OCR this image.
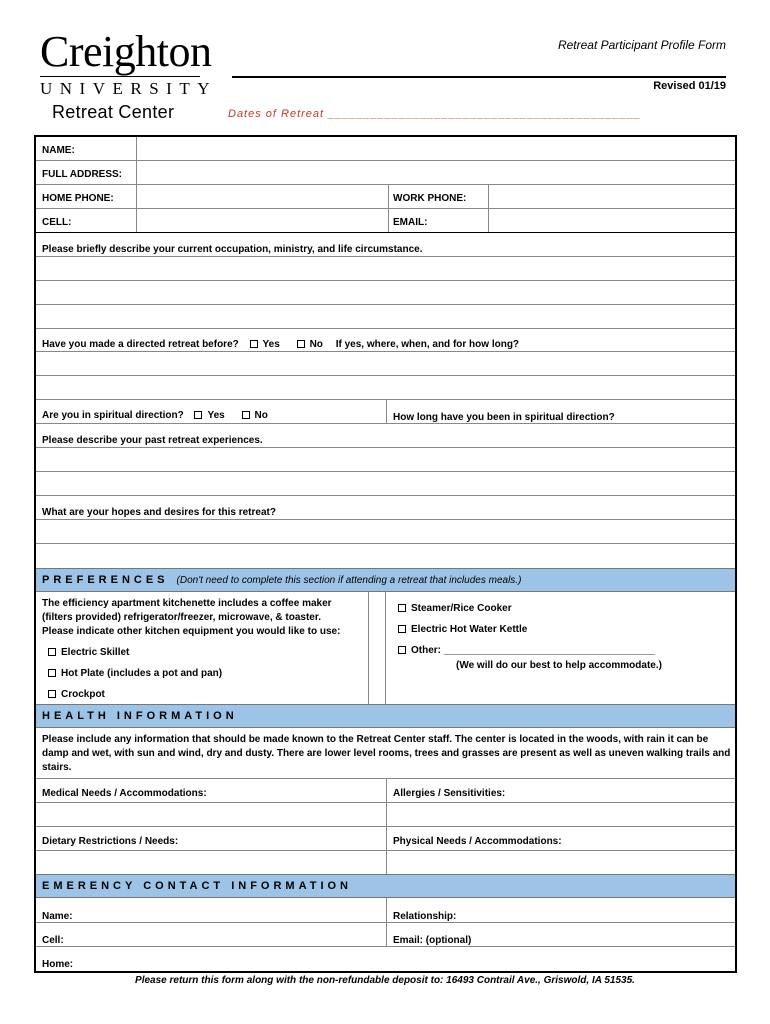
Creighton
UNIVERSITY
Retreat Center
Retreat Participant Profile Form
Revised 01/19
Dates of Retreat ____________________________________________
NAME:
FULL ADDRESS:
HOME PHONE:	WORK PHONE:
CELL:	EMAIL:
Please briefly describe your current occupation, ministry, and life circumstance.
Have you made a directed retreat before? Yes	No If yes, where, when, and for how long?
Are you in spiritual direction? Yes	No	How long have you been in spiritual direction?
Please describe your past retreat experiences.
What are your hopes and desires for this retreat?
PREFERENCES (Don't need to complete this section if attending a retreat that includes meals.)
The efficiency apartment kitchenette includes a coffee maker
(filters provided) refrigerator/freezer, microwave, & toaster.
Please indicate other kitchen equipment you would like to use:
Electric Skillet
Hot Plate (includes a pot and pan)
Crockpot
Steamer/Rice Cooker
Electric Hot Water Kettle
Other: ______________________________________
(We will do our best to help accommodate.)
HEALTH INFORMATION
Please include any information that should be made known to the Retreat Center staff. The center is located in the woods, with rain it can be damp and wet, with sun and wind, dry and dusty. There are lower level rooms, trees and grasses are present as well as uneven walking trails and stairs.
Medical Needs / Accommodations:	Allergies / Sensitivities:
Dietary Restrictions / Needs:	Physical Needs / Accommodations:
EMERENCY CONTACT INFORMATION
Name:	Relationship:
Cell:	Email: (optional)
Home:
Please return this form along with the non-refundable deposit to: 16493 Contrail Ave., Griswold, IA 51535.
